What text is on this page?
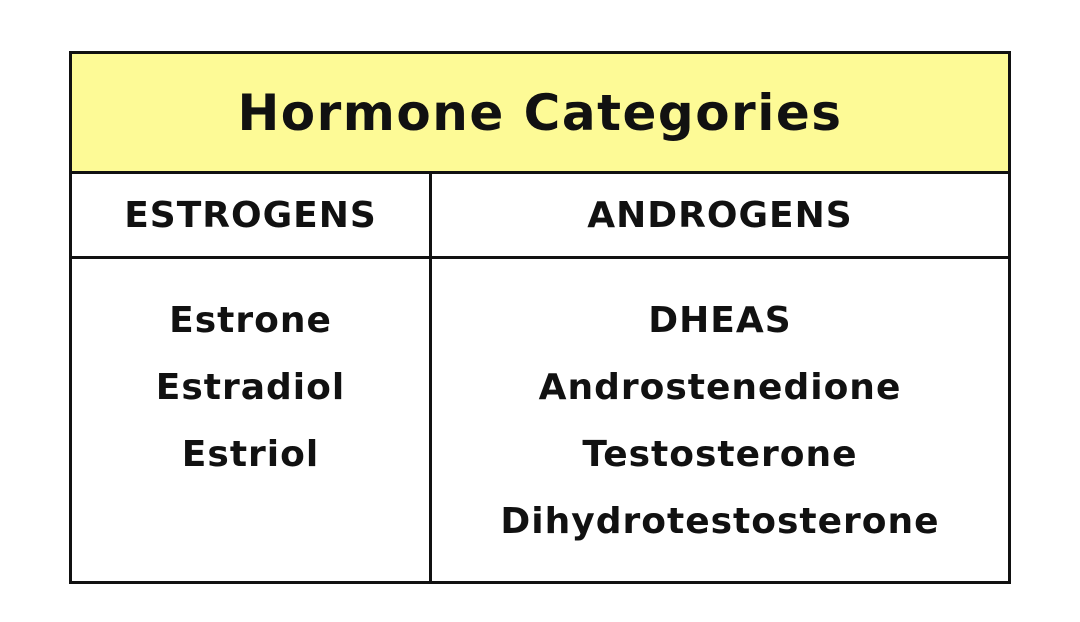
Hormone Categories
ESTROGENS	ANDROGENS
Estrone
Estradiol
Estriol
DHEAS
Androstenedione
Testosterone
Dihydrotestosterone
